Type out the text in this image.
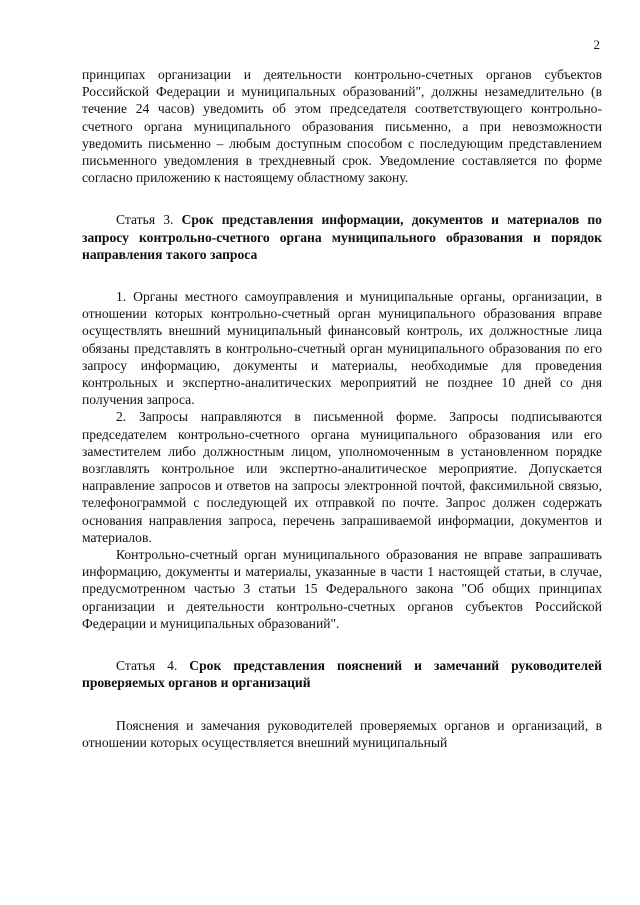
2

принципах организации и деятельности контрольно-счетных органов субъектов Российской Федерации и муниципальных образований", должны незамедлительно (в течение 24 часов) уведомить об этом председателя соответствующего контрольно-счетного органа муниципального образования письменно, а при невозможности уведомить письменно – любым доступным способом с последующим представлением письменного уведомления в трехдневный срок. Уведомление составляется по форме согласно приложению к настоящему областному закону.

Статья 3. Срок представления информации, документов и материалов по запросу контрольно-счетного органа муниципального образования и порядок направления такого запроса

1. Органы местного самоуправления и муниципальные органы, организации, в отношении которых контрольно-счетный орган муниципального образования вправе осуществлять внешний муниципальный финансовый контроль, их должностные лица обязаны представлять в контрольно-счетный орган муниципального образования по его запросу информацию, документы и материалы, необходимые для проведения контрольных и экспертно-аналитических мероприятий не позднее 10 дней со дня получения запроса.

2. Запросы направляются в письменной форме. Запросы подписываются председателем контрольно-счетного органа муниципального образования или его заместителем либо должностным лицом, уполномоченным в установленном порядке возглавлять контрольное или экспертно-аналитическое мероприятие. Допускается направление запросов и ответов на запросы электронной почтой, факсимильной связью, телефонограммой с последующей их отправкой по почте. Запрос должен содержать основания направления запроса, перечень запрашиваемой информации, документов и материалов.

Контрольно-счетный орган муниципального образования не вправе запрашивать информацию, документы и материалы, указанные в части 1 настоящей статьи, в случае, предусмотренном частью 3 статьи 15 Федерального закона "Об общих принципах организации и деятельности контрольно-счетных органов субъектов Российской Федерации и муниципальных образований".

Статья 4. Срок представления пояснений и замечаний руководителей проверяемых органов и организаций

Пояснения и замечания руководителей проверяемых органов и организаций, в отношении которых осуществляется внешний муниципальный
